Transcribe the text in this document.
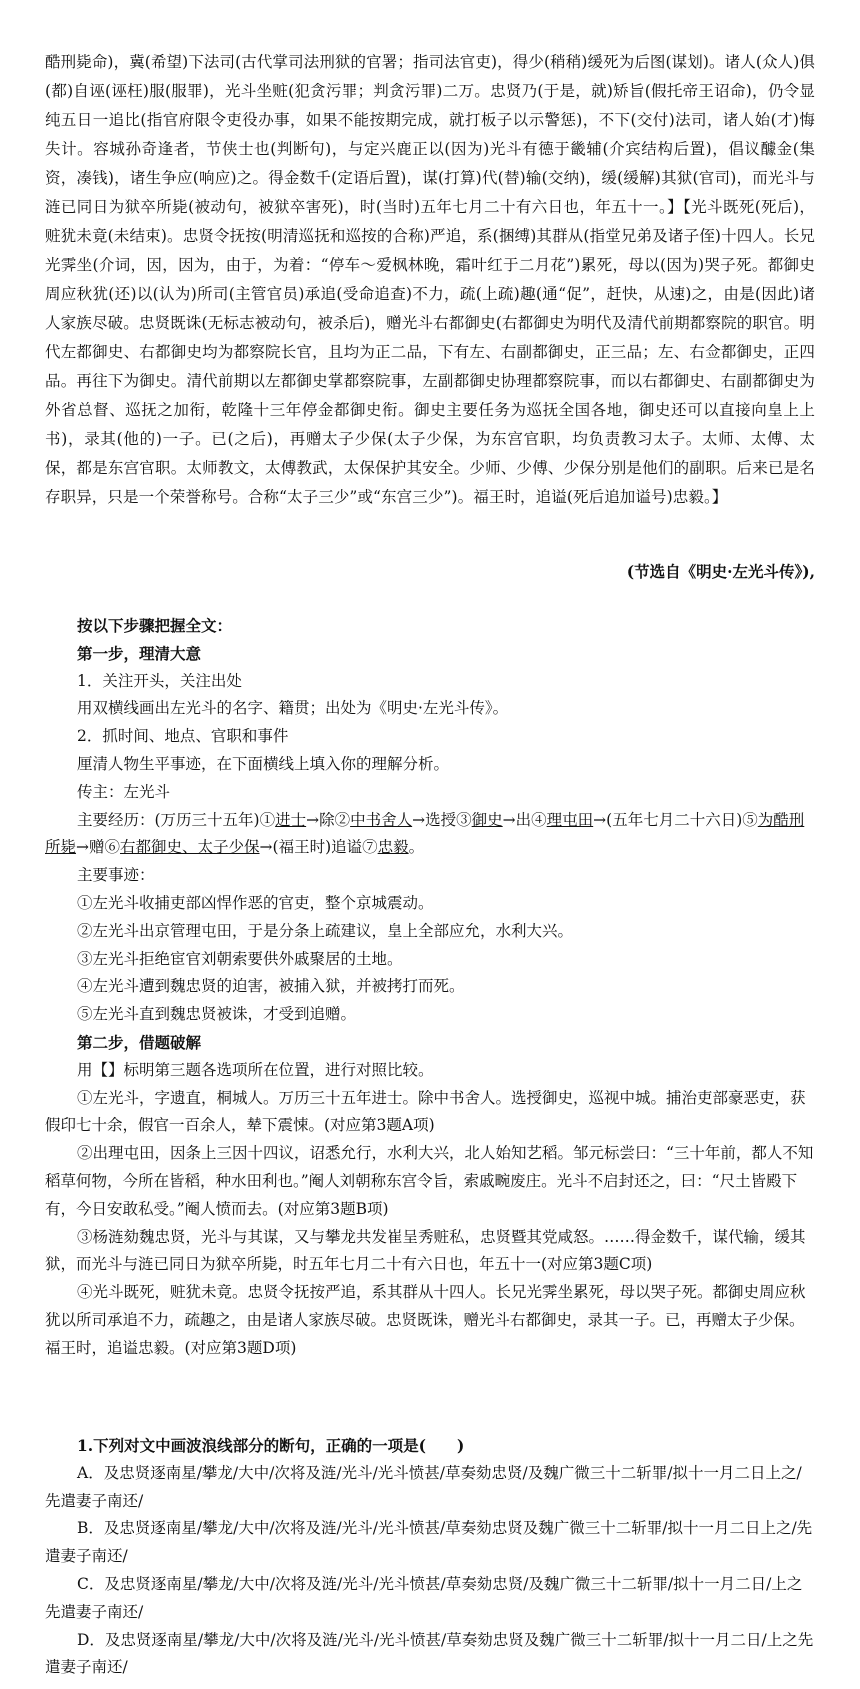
酷刑毙命)，冀(希望)下法司(古代掌司法刑狱的官署；指司法官吏)，得少(稍稍)缓死为后图(谋划)。诸人(众人)俱(都)自诬(诬枉)服(服罪)，光斗坐赃(犯贪污罪；判贪污罪)二万。忠贤乃(于是，就)矫旨(假托帝王诏命)，仍令显纯五日一追比(指官府限令吏役办事，如果不能按期完成，就打板子以示警惩)，不下(交付)法司，诸人始(才)悔失计。容城孙奇逢者，节侠士也(判断句)，与定兴鹿正以(因为)光斗有德于畿辅(介宾结构后置)，倡议醵金(集资，凑钱)，诸生争应(响应)之。得金数千(定语后置)，谋(打算)代(替)输(交纳)，缓(缓解)其狱(官司)，而光斗与涟已同日为狱卒所毙(被动句，被狱卒害死)，时(当时)五年七月二十有六日也，年五十一。】【光斗既死(死后)，赃犹未竟(未结束)。忠贤令抚按(明清巡抚和巡按的合称)严追，系(捆缚)其群从(指堂兄弟及诸子侄)十四人。长兄光霁坐(介词，因，因为，由于，为着：“停车～爱枫林晚，霜叶红于二月花”)累死，母以(因为)哭子死。都御史周应秋犹(还)以(认为)所司(主管官员)承追(受命追查)不力，疏(上疏)趣(通“促”，赶快，从速)之，由是(因此)诸人家族尽破。忠贤既诛(无标志被动句，被杀后)，赠光斗右都御史(右都御史为明代及清代前期都察院的职官。明代左都御史、右都御史均为都察院长官，且均为正二品，下有左、右副都御史，正三品；左、右佥都御史，正四品。再往下为御史。清代前期以左都御史掌都察院事，左副都御史协理都察院事，而以右都御史、右副都御史为外省总督、巡抚之加衔，乾隆十三年停金都御史衔。御史主要任务为巡抚全国各地，御史还可以直接向皇上上书)，录其(他的)一子。已(之后)，再赠太子少保(太子少保，为东宫官职，均负责教习太子。太师、太傅、太保，都是东宫官职。太师教文，太傅教武，太保保护其安全。少师、少傅、少保分别是他们的副职。后来已是名存职异，只是一个荣誉称号。合称“太子三少”或“东宫三少”)。福王时，追谥(死后追加谥号)忠毅。】
(节选自《明史·左光斗传》),

按以下步骤把握全文：

第一步，理清大意

1．关注开头，关注出处

用双横线画出左光斗的名字、籍贯；出处为《明史·左光斗传》。

2．抓时间、地点、官职和事件

厘清人物生平事迹，在下面横线上填入你的理解分析。

传主：左光斗

主要经历：(万历三十五年)①进士→除②中书舍人→选授③御史→出④理屯田→(五年七月二十六日)⑤为酷刑所毙→赠⑥右都御史、太子少保→(福王时)追谥⑦忠毅。

主要事迹：

①左光斗收捕吏部凶悍作恶的官吏，整个京城震动。

②左光斗出京管理屯田，于是分条上疏建议，皇上全部应允，水利大兴。

③左光斗拒绝宦官刘朝索要供外戚聚居的土地。

④左光斗遭到魏忠贤的迫害，被捕入狱，并被拷打而死。

⑤左光斗直到魏忠贤被诛，才受到追赠。

第二步，借题破解

用【】标明第三题各选项所在位置，进行对照比较。

①左光斗，字遗直，桐城人。万历三十五年进士。除中书舍人。选授御史，巡视中城。捕治吏部豪恶吏，获假印七十余，假官一百余人，辇下震悚。(对应第3题A项)

②出理屯田，因条上三因十四议，诏悉允行，水利大兴，北人始知艺稻。邹元标尝曰：“三十年前，都人不知稻草何物，今所在皆稻，种水田利也。”阉人刘朝称东宫令旨，索戚畹废庄。光斗不启封还之，曰：“尺土皆殿下有，今日安敢私受。”阉人愤而去。(对应第3题B项)

③杨涟劾魏忠贤，光斗与其谋，又与攀龙共发崔呈秀赃私，忠贤暨其党咸怒。……得金数千，谋代输，缓其狱，而光斗与涟已同日为狱卒所毙，时五年七月二十有六日也，年五十一(对应第3题C项)

④光斗既死，赃犹未竟。忠贤令抚按严追，系其群从十四人。长兄光霁坐累死，母以哭子死。都御史周应秋犹以所司承追不力，疏趣之，由是诸人家族尽破。忠贤既诛，赠光斗右都御史，录其一子。已，再赠太子少保。福王时，追谥忠毅。(对应第3题D项)

1.下列对文中画波浪线部分的断句，正确的一项是(　　)

A．及忠贤逐南星/攀龙/大中/次将及涟/光斗/光斗愤甚/草奏劾忠贤/及魏广微三十二斩罪/拟十一月二日上之/先遣妻子南还/

B．及忠贤逐南星/攀龙/大中/次将及涟/光斗/光斗愤甚/草奏劾忠贤及魏广微三十二斩罪/拟十一月二日上之/先遣妻子南还/

C．及忠贤逐南星/攀龙/大中/次将及涟/光斗/光斗愤甚/草奏劾忠贤/及魏广微三十二斩罪/拟十一月二日/上之先遣妻子南还/

D．及忠贤逐南星/攀龙/大中/次将及涟/光斗/光斗愤甚/草奏劾忠贤及魏广微三十二斩罪/拟十一月二日/上之先遣妻子南还/
